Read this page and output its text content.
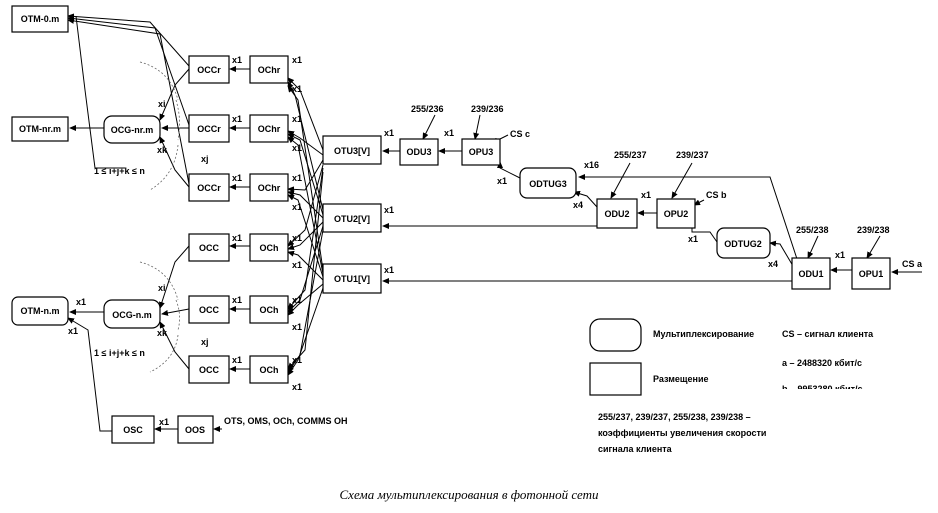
OTM-0.m
OTM-nr.m
OTM-n.m
OCG-nr.m
OCG-n.m
OCCr
OCCr
OCCr
OChr
OChr
OChr
OCC
OCC
OCC
OCh
OCh
OCh
OTU3[V]
OTU2[V]
OTU1[V]
ODU3	OPU3
ODTUG3
ODU2	OPU2
ODTUG2
ODU1	OPU1
OSC	OOS
x1
x1
x1
x1
x1
x1
x1
x1
x1
x1
x1
x1
x1
x1
x1
x1
x1
x1
x1	x1
x1
x1
x1
x16
x4
x1
x1
x4
x1
x1
x1
x1
xi
xj
xk
xi
xj
xk
1 ≤ i+j+k ≤ n
1 ≤ i+j+k ≤ n
255/236	239/236
255/237	239/237
255/238	239/238
CS c
CS b
CS a
OTS, OMS, OCh, COMMS OH
Мультиплексирование
Размещение
CS – сигнал клиента
a – 2488320 кбит/с
255/237, 239/237, 255/238, 239/238 –
коэффициенты увеличения скорости
сигнала клиента
Схема мультиплексирования в фотонной сети
